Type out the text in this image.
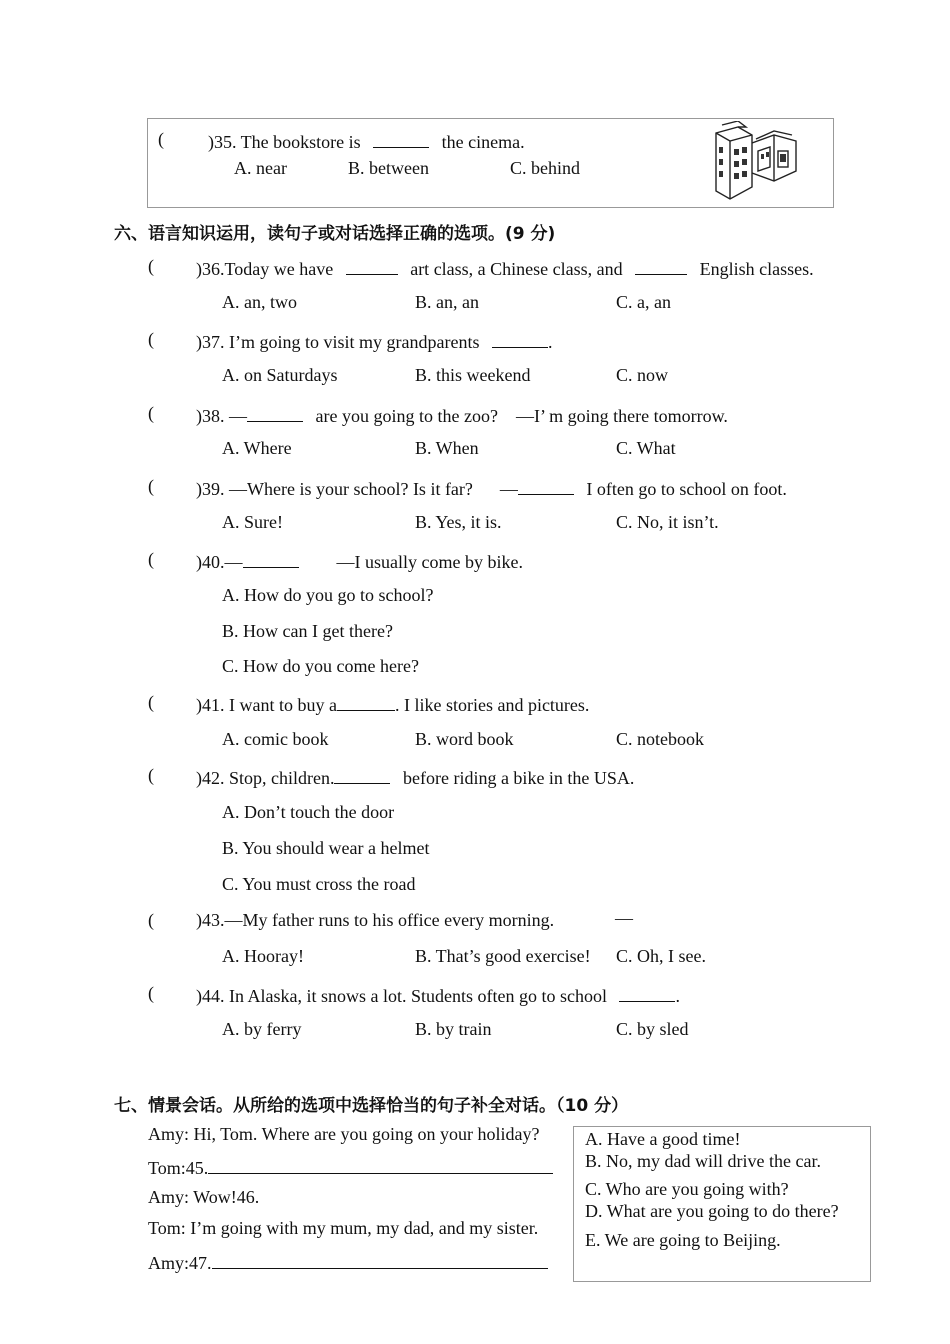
( )35. The bookstore is	the cinema.
A. near	B. between	C. behind
六、语言知识运用，读句子或对话选择正确的选项。(9 分)
( )36.Today we have	art class, a Chinese class, and	English classes.
A. an, two	B. an, an	C. a, an
( )37. I’m going to visit my grandparents	.
A. on Saturdays	B. this weekend	C. now
( )38. —	are you going to the zoo? —I’ m going there tomorrow.
A. Where	B. When	C. What
( )39. —Where is your school? Is it far? —	I often go to school on foot.
A. Sure!	B. Yes, it is.	C. No, it isn’t.
( )40.—	—I usually come by bike.
A. How do you go to school?
B. How can I get there?
C. How do you come here?
( )41. I want to buy a	. I like stories and pictures.
A. comic book	B. word book	C. notebook
( )42. Stop, children.	before riding a bike in the USA.
A. Don’t touch the door
B. You should wear a helmet
C. You must cross the road
( )43.—My father runs to his office every morning.	—
A. Hooray!	B. That’s good exercise! C. Oh, I see.
( )44. In Alaska, it snows a lot. Students often go to school	.
A. by ferry	B. by train	C. by sled
七、情景会话。从所给的选项中选择恰当的句子补全对话。（10 分）
Amy: Hi, Tom. Where are you going on your holiday?
Tom:45.
Amy: Wow!46.
Tom: I’m going with my mum, my dad, and my sister.
Amy:47.
A. Have a good time!
B. No, my dad will drive the car.
C. Who are you going with?
D. What are you going to do there?
E. We are going to Beijing.
